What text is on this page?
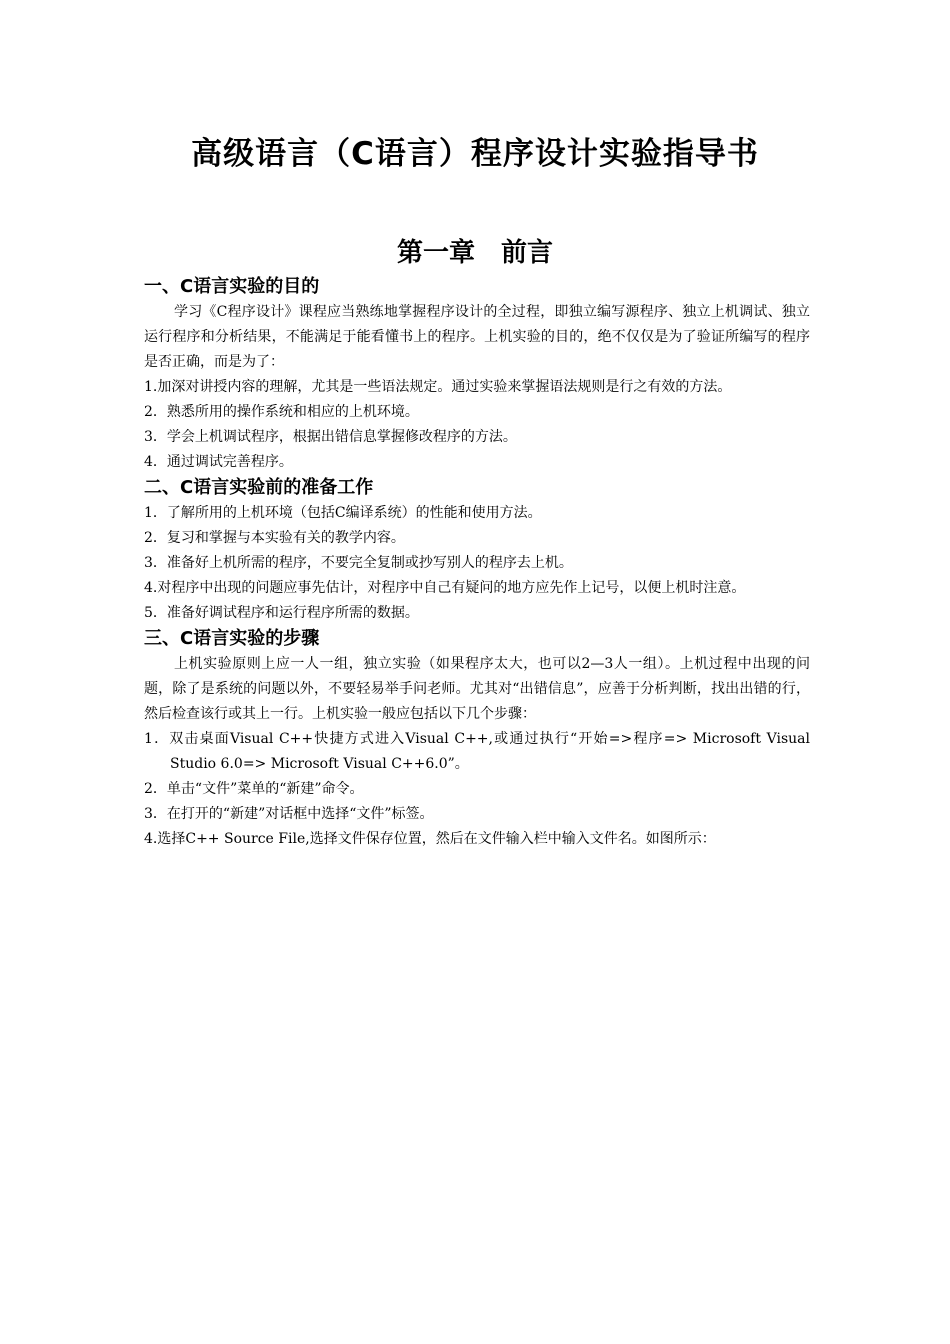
高级语言（C语言）程序设计实验指导书
第一章　前言
一、C语言实验的目的

学习《C程序设计》课程应当熟练地掌握程序设计的全过程，即独立编写源程序、独立上机调试、独立运行程序和分析结果，不能满足于能看懂书上的程序。上机实验的目的，绝不仅仅是为了验证所编写的程序是否正确，而是为了：

1.加深对讲授内容的理解，尤其是一些语法规定。通过实验来掌握语法规则是行之有效的方法。

2．熟悉所用的操作系统和相应的上机环境。

3．学会上机调试程序，根据出错信息掌握修改程序的方法。

4．通过调试完善程序。

二、C语言实验前的准备工作

1．了解所用的上机环境（包括C编译系统）的性能和使用方法。

2．复习和掌握与本实验有关的教学内容。

3．准备好上机所需的程序，不要完全复制或抄写别人的程序去上机。

4.对程序中出现的问题应事先估计，对程序中自己有疑问的地方应先作上记号，以便上机时注意。

5．准备好调试程序和运行程序所需的数据。

三、C语言实验的步骤

上机实验原则上应一人一组，独立实验（如果程序太大，也可以2—3人一组）。上机过程中出现的问题，除了是系统的问题以外，不要轻易举手问老师。尤其对“出错信息”，应善于分析判断，找出出错的行，然后检查该行或其上一行。上机实验一般应包括以下几个步骤：

1．双击桌面Visual C++快捷方式进入Visual C++,或通过执行“开始=>程序=> Microsoft Visual Studio 6.0=> Microsoft Visual C++6.0”。

2．单击“文件”菜单的“新建”命令。

3．在打开的“新建”对话框中选择“文件”标签。

4.选择C++ Source File,选择文件保存位置，然后在文件输入栏中输入文件名。如图所示：
